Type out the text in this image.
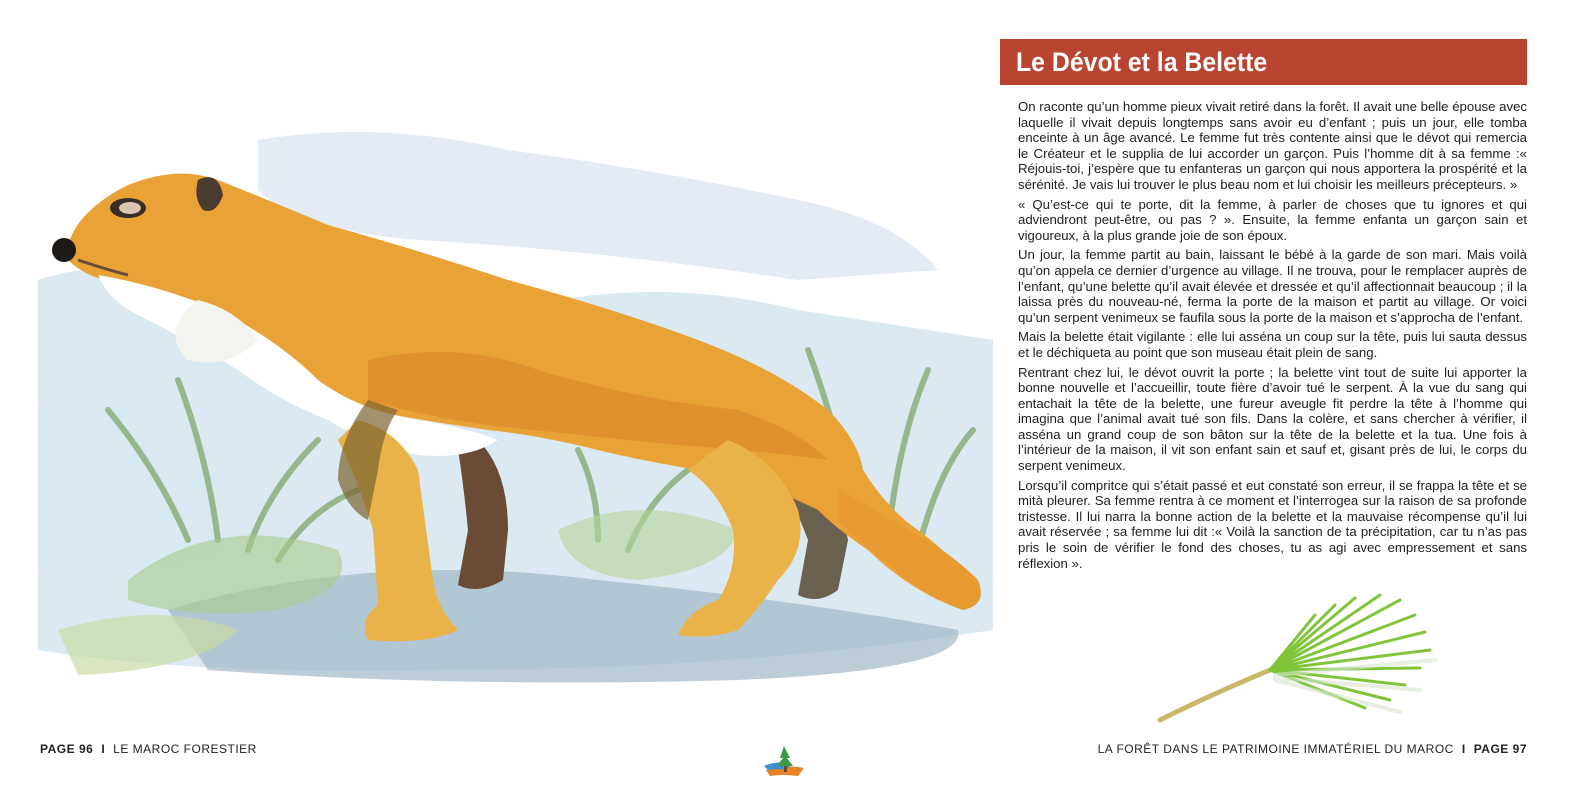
Le Dévot et la Belette

On raconte qu’un homme pieux vivait retiré dans la forêt. Il avait une belle épouse avec laquelle il vivait depuis longtemps sans avoir eu d’enfant ; puis un jour, elle tomba enceinte à un âge avancé. Le femme fut très contente ainsi que le dévot qui remercia le Créateur et le supplia de lui accorder un garçon. Puis l’homme dit à sa femme :« Réjouis-toi, j’espère que tu enfanteras un garçon qui nous apportera la prospérité et la sérénité. Je vais lui trouver le plus beau nom et lui choisir les meilleurs précepteurs. »

« Qu’est-ce qui te porte, dit la femme, à parler de choses que tu ignores et qui adviendront peut-être, ou pas ? ». Ensuite, la femme enfanta un garçon sain et vigoureux, à la plus grande joie de son époux.

Un jour, la femme partit au bain, laissant le bébé à la garde de son mari. Mais voilà qu’on appela ce dernier d’urgence au village. Il ne trouva, pour le remplacer auprès de l’enfant, qu’une belette qu’il avait élevée et dressée et qu’il affectionnait beaucoup ; il la laissa près du nouveau-né, ferma la porte de la maison et partit au village. Or voici qu’un serpent venimeux se faufila sous la porte de la maison et s’approcha de l’enfant.

Mais la belette était vigilante : elle lui asséna un coup sur la tête, puis lui sauta dessus et le déchiqueta au point que son museau était plein de sang.

Rentrant chez lui, le dévot ouvrit la porte ; la belette vint tout de suite lui apporter la bonne nouvelle et l’accueillir, toute fière d’avoir tué le serpent. À la vue du sang qui entachait la tête de la belette, une fureur aveugle fit perdre la tête à l’homme qui imagina que l’animal avait tué son fils. Dans la colère, et sans chercher à vérifier, il asséna un grand coup de son bâton sur la tête de la belette et la tua. Une fois à l’intérieur de la maison, il vit son enfant sain et sauf et, gisant près de lui, le corps du serpent venimeux.

Lorsqu’il compritce qui s’était passé et eut constaté son erreur, il se frappa la tête et se mità pleurer. Sa femme rentra à ce moment et l’interrogea sur la raison de sa profonde tristesse. Il lui narra la bonne action de la belette et la mauvaise récompense qu’il lui avait réservée ; sa femme lui dit :« Voilà la sanction de ta précipitation, car tu n’as pas pris le soin de vérifier le fond des choses, tu as agi avec empressement et sans réflexion ».

PAGE 96 I LE MAROC FORESTIER	LA FORÊT DANS LE PATRIMOINE IMMATÉRIEL DU MAROC I PAGE 97
